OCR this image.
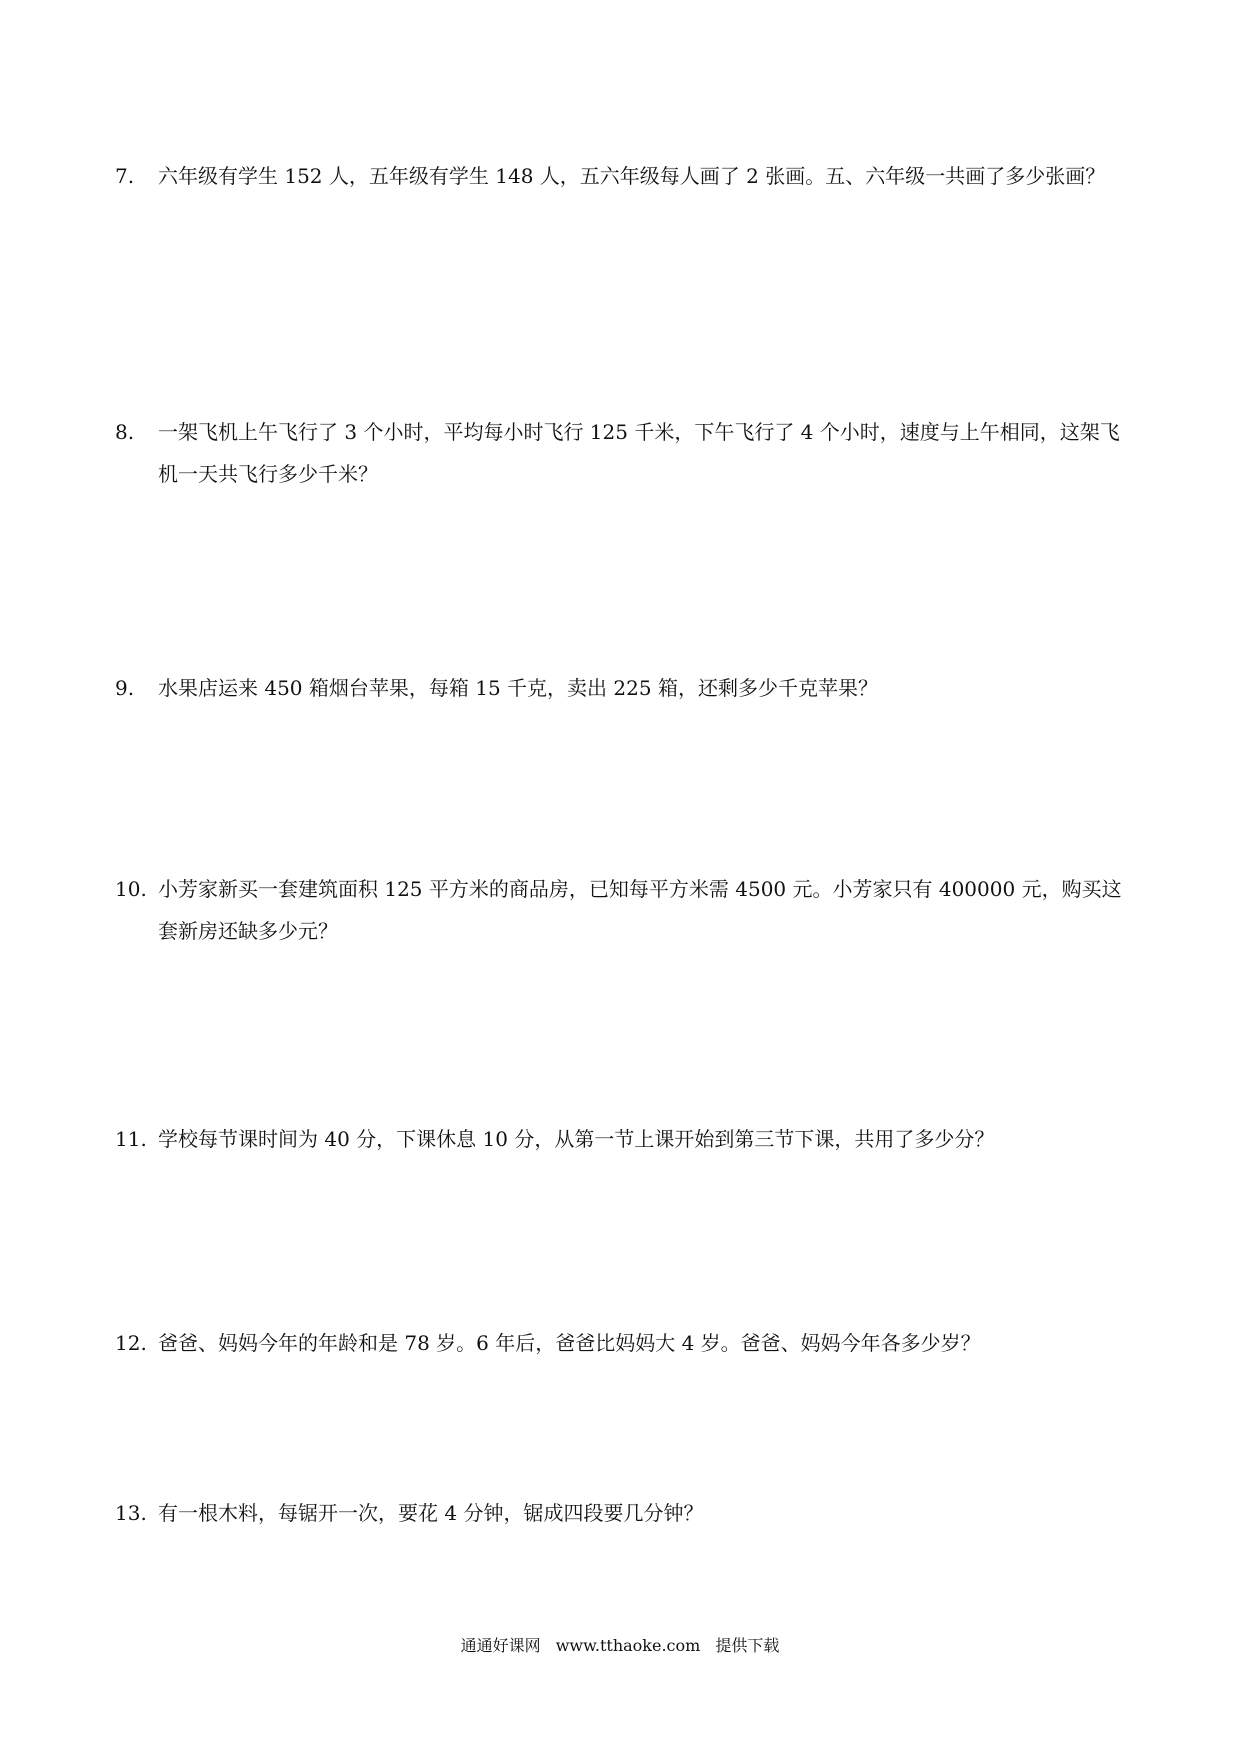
7.	六年级有学生 152 人，五年级有学生 148 人，五六年级每人画了 2 张画。五、六年级一共画了多少张画？
8.	一架飞机上午飞行了 3 个小时，平均每小时飞行 125 千米，下午飞行了 4 个小时，速度与上午相同，这架飞机一天共飞行多少千米？
9.	水果店运来 450 箱烟台苹果，每箱 15 千克，卖出 225 箱，还剩多少千克苹果？
10. 小芳家新买一套建筑面积 125 平方米的商品房，已知每平方米需 4500 元。小芳家只有 400000 元，购买这套新房还缺多少元？
11. 学校每节课时间为 40 分，下课休息 10 分，从第一节上课开始到第三节下课，共用了多少分？
12. 爸爸、妈妈今年的年龄和是 78 岁。6 年后，爸爸比妈妈大 4 岁。爸爸、妈妈今年各多少岁？
13. 有一根木料，每锯开一次，要花 4 分钟，锯成四段要几分钟？
通通好课网 www.tthaoke.com 提供下载
